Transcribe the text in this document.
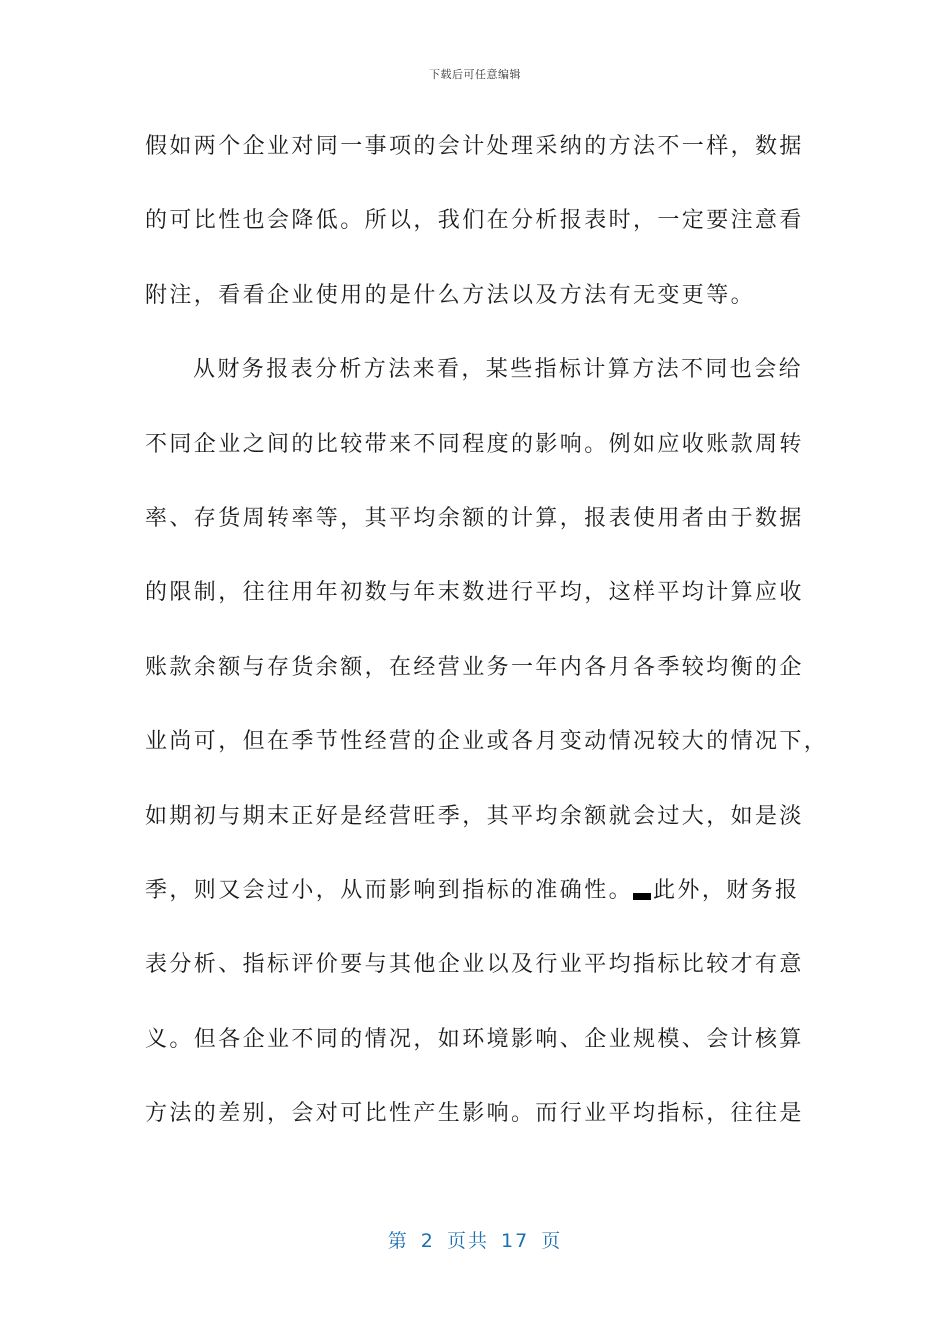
下载后可任意编辑
假如两个企业对同一事项的会计处理采纳的方法不一样，数据
的可比性也会降低。所以，我们在分析报表时，一定要注意看
附注，看看企业使用的是什么方法以及方法有无变更等。
从财务报表分析方法来看，某些指标计算方法不同也会给
不同企业之间的比较带来不同程度的影响。例如应收账款周转
率、存货周转率等，其平均余额的计算，报表使用者由于数据
的限制，往往用年初数与年末数进行平均，这样平均计算应收
账款余额与存货余额，在经营业务一年内各月各季较均衡的企
业尚可，但在季节性经营的企业或各月变动情况较大的情况下，
如期初与期末正好是经营旺季，其平均余额就会过大，如是淡
季，则又会过小，从而影响到指标的准确性。 此外，财务报
表分析、指标评价要与其他企业以及行业平均指标比较才有意
义。但各企业不同的情况，如环境影响、企业规模、会计核算
方法的差别，会对可比性产生影响。而行业平均指标，往往是
第 2 页共 17 页
